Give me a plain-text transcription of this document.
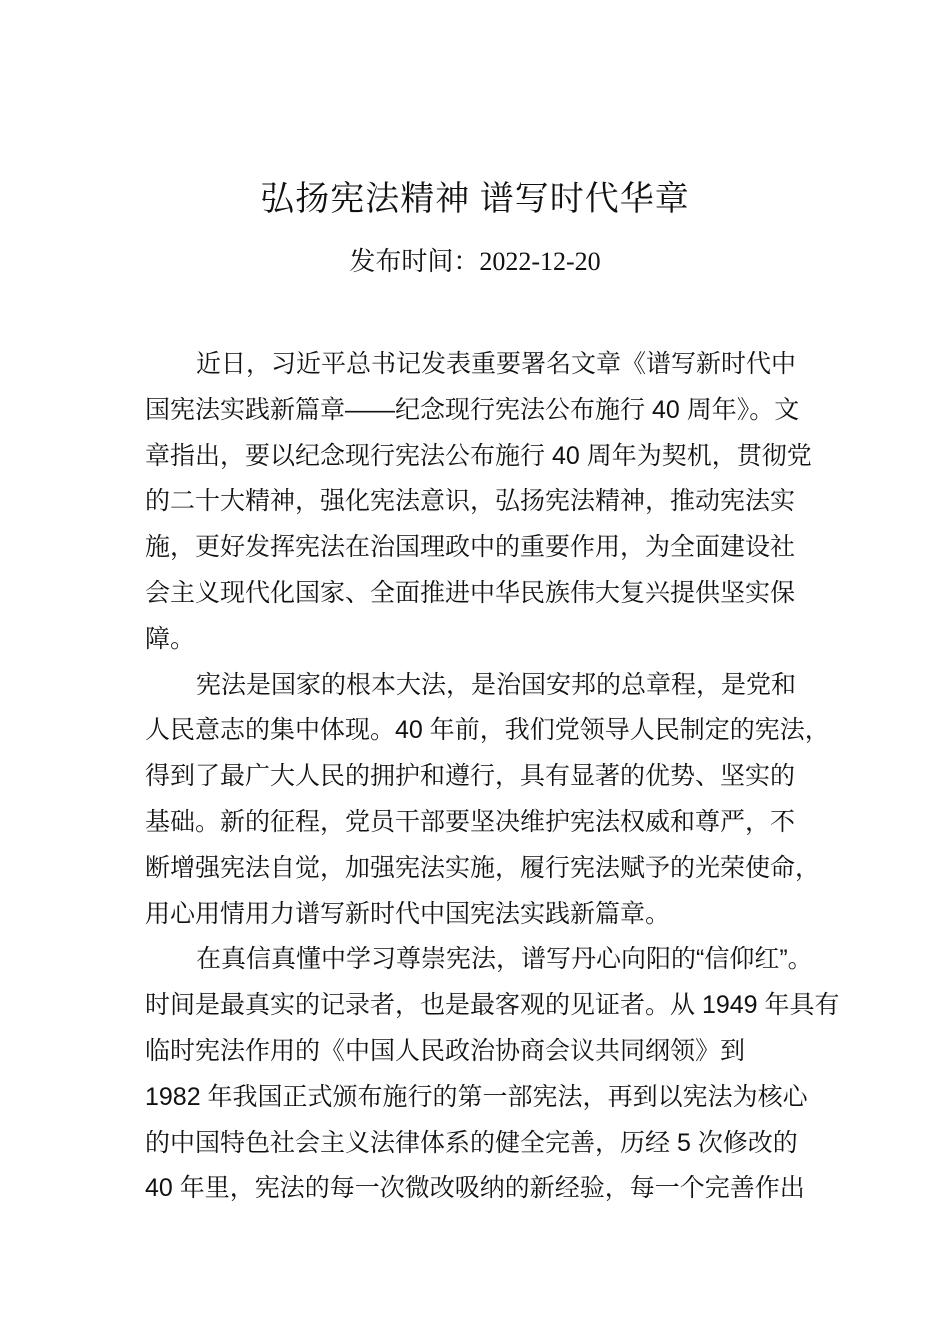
弘扬宪法精神 谱写时代华章
发布时间：2022-12-20
近日，习近平总书记发表重要署名文章《谱写新时代中
国宪法实践新篇章——纪念现行宪法公布施行 40 周年》。文
章指出，要以纪念现行宪法公布施行 40 周年为契机，贯彻党
的二十大精神，强化宪法意识，弘扬宪法精神，推动宪法实
施，更好发挥宪法在治国理政中的重要作用，为全面建设社
会主义现代化国家、全面推进中华民族伟大复兴提供坚实保
障。
宪法是国家的根本大法，是治国安邦的总章程，是党和
人民意志的集中体现。40 年前，我们党领导人民制定的宪法，
得到了最广大人民的拥护和遵行，具有显著的优势、坚实的
基础。新的征程，党员干部要坚决维护宪法权威和尊严，不
断增强宪法自觉，加强宪法实施，履行宪法赋予的光荣使命，
用心用情用力谱写新时代中国宪法实践新篇章。
在真信真懂中学习尊崇宪法，谱写丹心向阳的“信仰红”。
时间是最真实的记录者，也是最客观的见证者。从 1949 年具有
临时宪法作用的《中国人民政治协商会议共同纲领》到
1982 年我国正式颁布施行的第一部宪法，再到以宪法为核心
的中国特色社会主义法律体系的健全完善，历经 5 次修改的
40 年里，宪法的每一次微改吸纳的新经验，每一个完善作出
